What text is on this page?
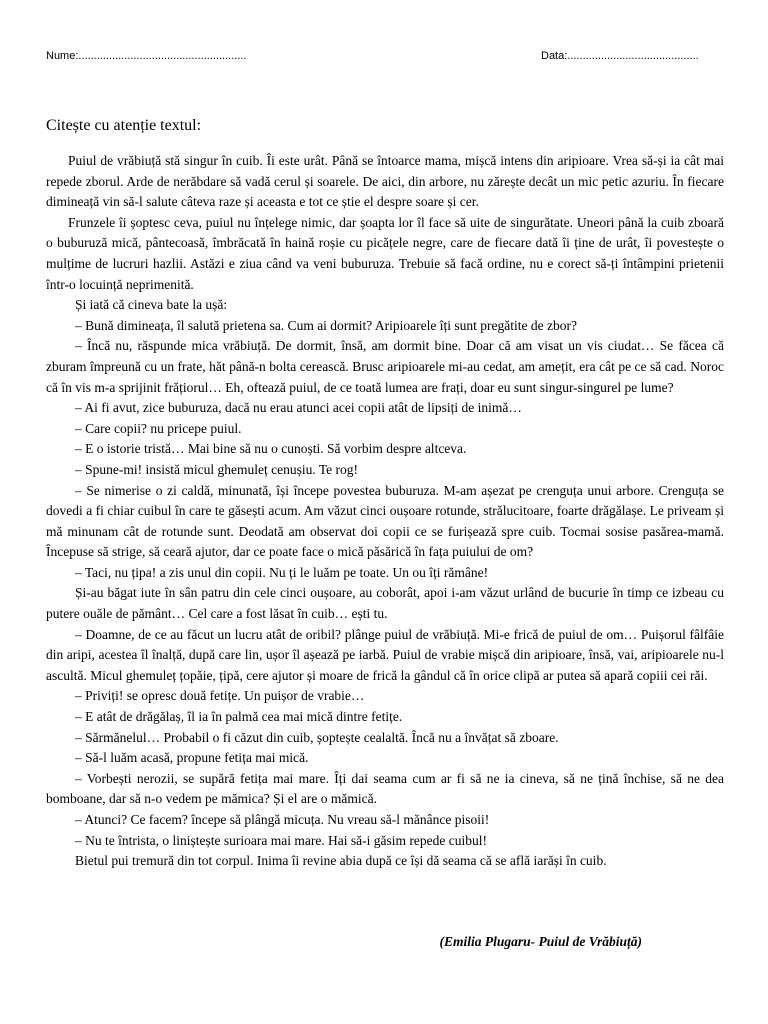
Nume:.......................................................	Data:...........................................
Citește cu atenție textul:

Puiul de vrăbiuță stă singur în cuib. Îi este urât. Până se întoarce mama, mișcă intens din aripioare. Vrea să-și ia cât mai repede zborul. Arde de nerăbdare să vadă cerul și soarele. De aici, din arbore, nu zărește decât un mic petic azuriu. În fiecare dimineață vin să-l salute câteva raze și aceasta e tot ce știe el despre soare și cer.

Frunzele îi șoptesc ceva, puiul nu înțelege nimic, dar șoapta lor îl face să uite de singurătate. Uneori până la cuib zboară o buburuză mică, pântecoasă, îmbrăcată în haină roșie cu picățele negre, care de fiecare dată îi ține de urât, îi povestește o mulțime de lucruri hazlii. Astăzi e ziua când va veni buburuza. Trebuie să facă ordine, nu e corect să-ți întâmpini prietenii într-o locuință neprimenită.

Și iată că cineva bate la ușă:

– Bună dimineața, îl salută prietena sa. Cum ai dormit? Aripioarele îți sunt pregătite de zbor?

– Încă nu, răspunde mica vrăbiuță. De dormit, însă, am dormit bine. Doar că am visat un vis ciudat… Se făcea că zburam împreună cu un frate, hăt până-n bolta cerească. Brusc aripioarele mi-au cedat, am amețit, era cât pe ce să cad. Noroc că în vis m-a sprijinit frățiorul… Eh, oftează puiul, de ce toată lumea are frați, doar eu sunt singur-singurel pe lume?

– Ai fi avut, zice buburuza, dacă nu erau atunci acei copii atât de lipsiți de inimă…

– Care copii? nu pricepe puiul.

– E o istorie tristă… Mai bine să nu o cunoști. Să vorbim despre altceva.

– Spune-mi! insistă micul ghemuleț cenușiu. Te rog!

– Se nimerise o zi caldă, minunată, își începe povestea buburuza. M-am așezat pe crenguța unui arbore. Crenguța se dovedi a fi chiar cuibul în care te găsești acum. Am văzut cinci oușoare rotunde, strălucitoare, foarte drăgălașe. Le priveam și mă minunam cât de rotunde sunt. Deodată am observat doi copii ce se furișează spre cuib. Tocmai sosise pasărea-mamă. Începuse să strige, să ceară ajutor, dar ce poate face o mică păsărică în fața puiului de om?

– Taci, nu țipa! a zis unul din copii. Nu ți le luăm pe toate. Un ou îți rămâne!

Și-au băgat iute în sân patru din cele cinci oușoare, au coborât, apoi i-am văzut urlând de bucurie în timp ce izbeau cu putere ouăle de pământ… Cel care a fost lăsat în cuib… ești tu.

– Doamne, de ce au făcut un lucru atât de oribil? plânge puiul de vrăbiuță. Mi-e frică de puiul de om… Puișorul fâlfâie din aripi, acestea îl înalță, după care lin, ușor îl așează pe iarbă. Puiul de vrabie mișcă din aripioare, însă, vai, aripioarele nu-l ascultă. Micul ghemuleț țopăie, țipă, cere ajutor și moare de frică la gândul că în orice clipă ar putea să apară copiii cei răi.

– Priviți! se opresc două fetițe. Un puișor de vrabie…

– E atât de drăgălaș, îl ia în palmă cea mai mică dintre fetițe.

– Sărmănelul… Probabil o fi căzut din cuib, șoptește cealaltă. Încă nu a învățat să zboare.

– Să-l luăm acasă, propune fetița mai mică.

– Vorbești nerozii, se supără fetița mai mare. Îți dai seama cum ar fi să ne ia cineva, să ne țină închise, să ne dea bomboane, dar să n-o vedem pe mămica? Și el are o mămică.

– Atunci? Ce facem? începe să plângă micuța. Nu vreau să-l mănânce pisoii!

– Nu te întrista, o liniștește surioara mai mare. Hai să-i găsim repede cuibul!

Bietul pui tremură din tot corpul. Inima îi revine abia după ce își dă seama că se află iarăși în cuib.

(Emilia Plugaru- Puiul de Vrăbiuță)
